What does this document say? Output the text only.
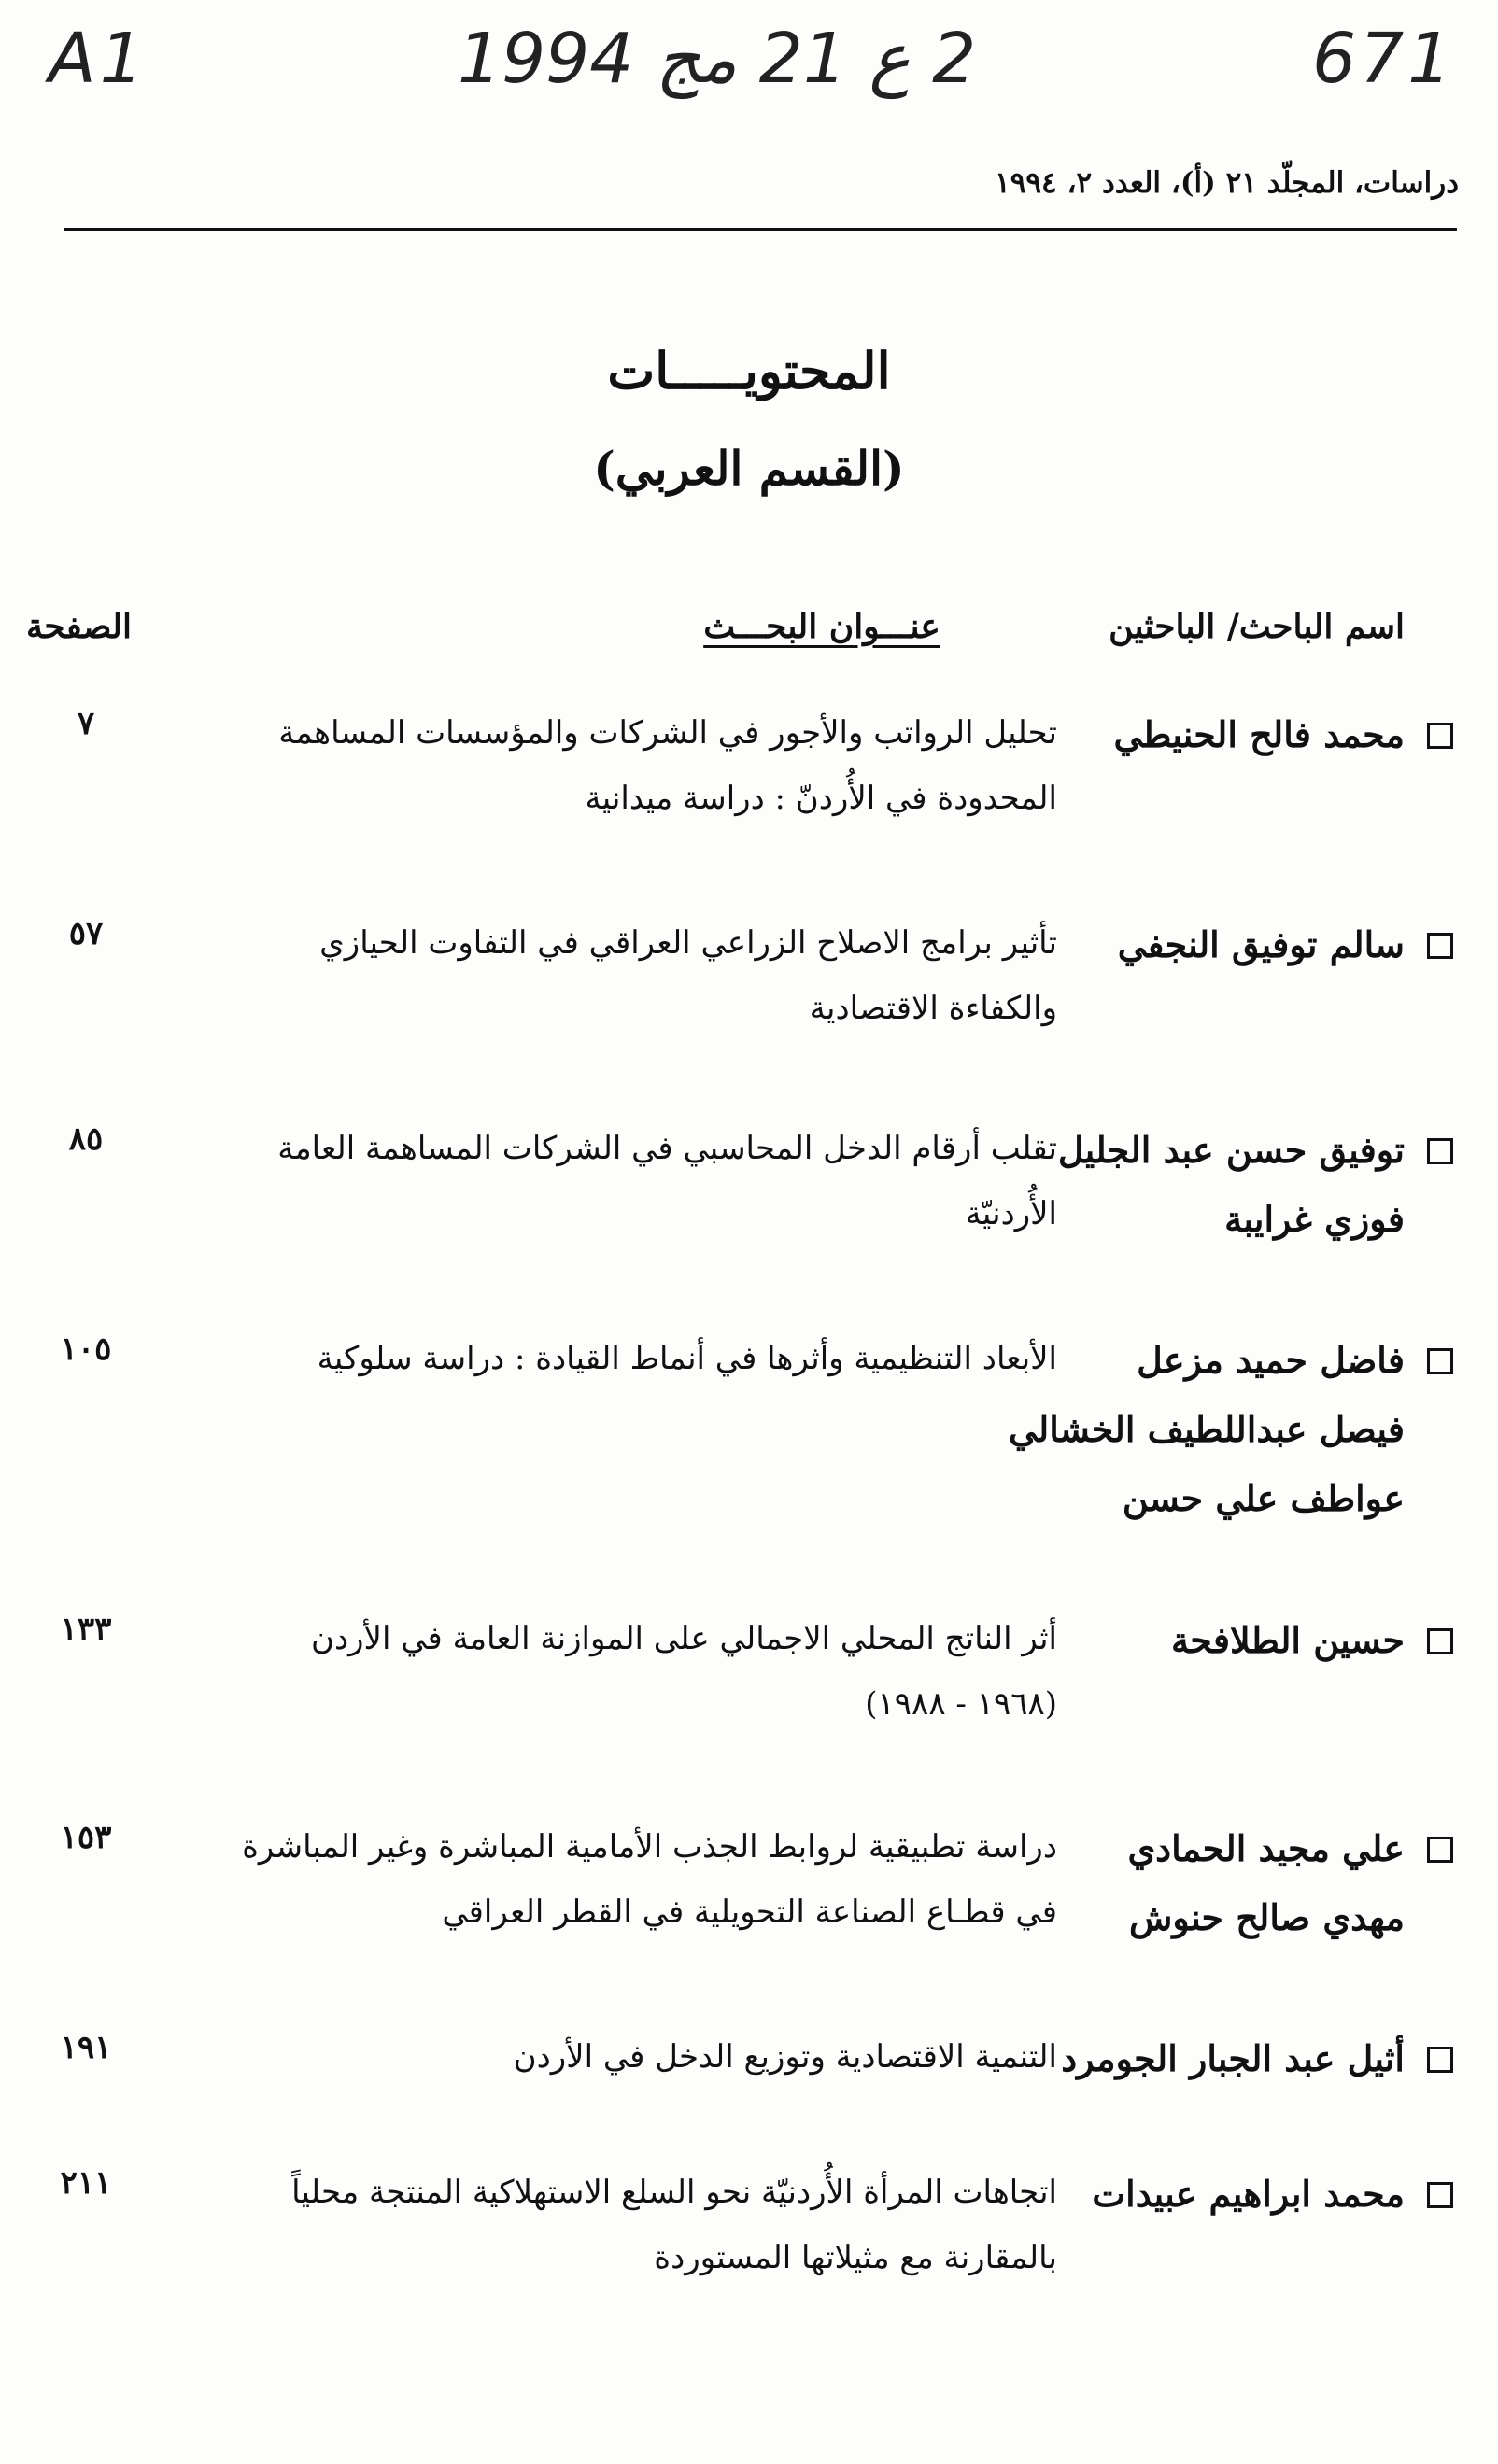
A1	2 ع 21 مج 1994	671
دراسات، المجلّد ٢١ (أ)، العدد ٢، ١٩٩٤
المحتويـــــات
(القسم العربي)
اسم الباحث/ الباحثين
عنـــوان البحـــث
الصفحة
محمد فالح الحنيطي
تحليل الرواتب والأجور في الشركات والمؤسسات المساهمة المحدودة في الأُردنّ : دراسة ميدانية
٧
سالم توفيق النجفي
تأثير برامج الاصلاح الزراعي العراقي في التفاوت الحيازي والكفاءة الاقتصادية
٥٧
توفيق حسن عبد الجليل
فوزي غرايبة
تقلب أرقام الدخل المحاسبي في الشركات المساهمة العامة الأُردنيّة
٨٥
فاضل حميد مزعل
فيصل عبداللطيف الخشالي
عواطف علي حسن
الأبعاد التنظيمية وأثرها في أنماط القيادة : دراسة سلوكية
١٠٥
حسين الطلافحة
أثر الناتج المحلي الاجمالي على الموازنة العامة في الأردن (١٩٦٨ - ١٩٨٨)
١٣٣
علي مجيد الحمادي
مهدي صالح حنوش
دراسة تطبيقية لروابط الجذب الأمامية المباشرة وغير المباشرة في قطـاع الصناعة التحويلية في القطر العراقي
١٥٣
أثيل عبد الجبار الجومرد
التنمية الاقتصادية وتوزيع الدخل في الأردن
١٩١
محمد ابراهيم عبيدات
اتجاهات المرأة الأُردنيّة نحو السلع الاستهلاكية المنتجة محلياً بالمقارنة مع مثيلاتها المستوردة
٢١١
